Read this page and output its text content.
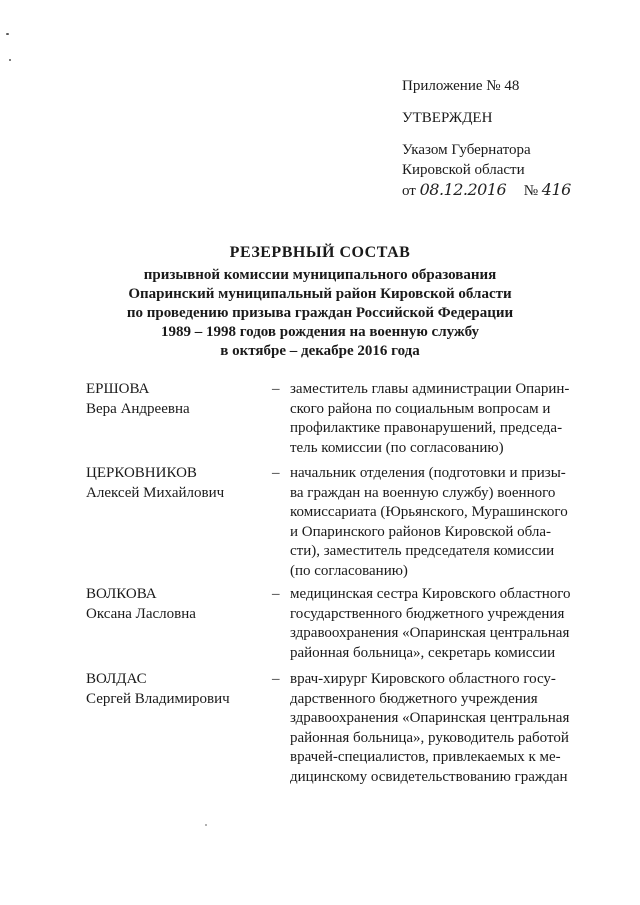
Приложение № 48
УТВЕРЖДЕН
Указом Губернатора
Кировской области
от 08.12.2016 № 416
РЕЗЕРВНЫЙ СОСТАВ
призывной комиссии муниципального образования
Опаринский муниципальный район Кировской области
по проведению призыва граждан Российской Федерации
1989 – 1998 годов рождения на военную службу
в октябре – декабре 2016 года
ЕРШОВА
Вера Андреевна
– заместитель главы администрации Опарин-
ского района по социальным вопросам и
профилактике правонарушений, председа-
тель комиссии (по согласованию)
ЦЕРКОВНИКОВ
Алексей Михайлович
– начальник отделения (подготовки и призы-
ва граждан на военную службу) военного
комиссариата (Юрьянского, Мурашинского
и Опаринского районов Кировской обла-
сти), заместитель председателя комиссии
(по согласованию)
ВОЛКОВА
Оксана Ласловна
– медицинская сестра Кировского областного
государственного бюджетного учреждения
здравоохранения «Опаринская центральная
районная больница», секретарь комиссии
ВОЛДАС
Сергей Владимирович
– врач-хирург Кировского областного госу-
дарственного бюджетного учреждения
здравоохранения «Опаринская центральная
районная больница», руководитель работой
врачей-специалистов, привлекаемых к ме-
дицинскому освидетельствованию граждан
